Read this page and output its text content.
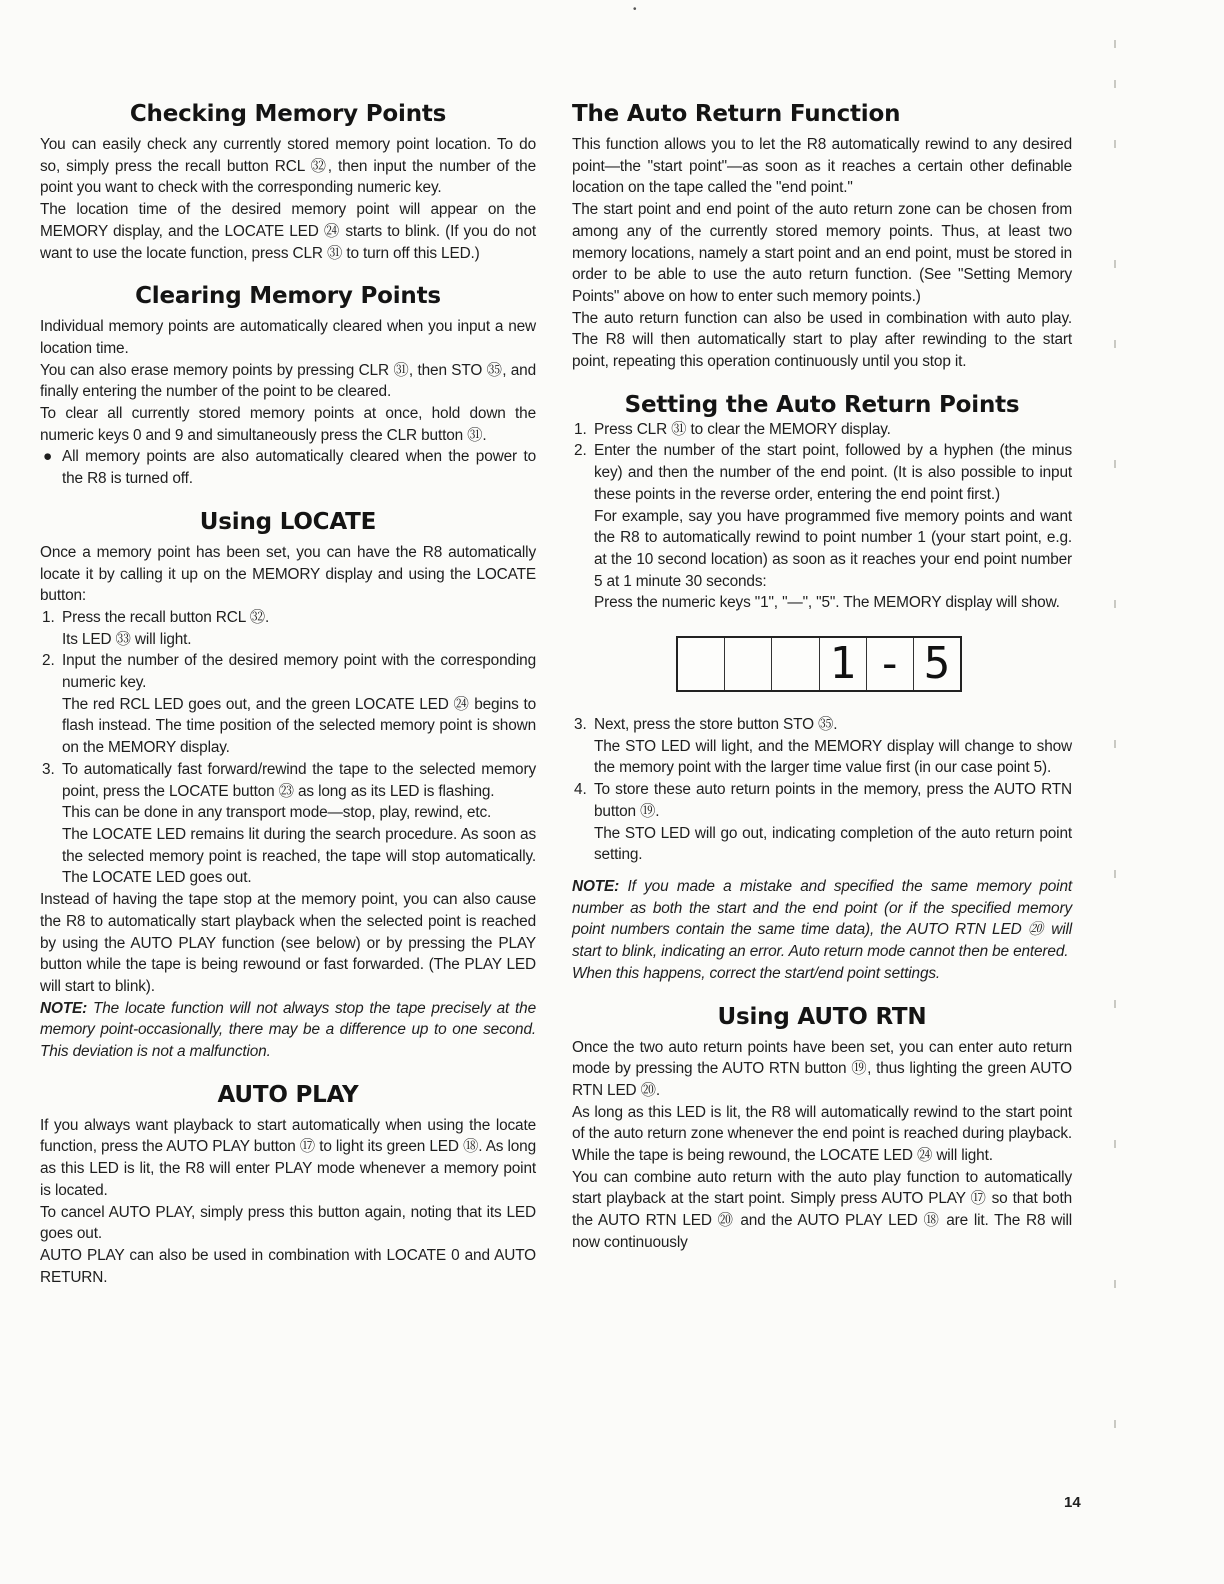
•
Checking Memory Points

You can easily check any currently stored memory point location. To do so, simply press the recall button RCL ㉜, then input the number of the point you want to check with the corresponding numeric key.

The location time of the desired memory point will appear on the MEMORY display, and the LOCATE LED ㉔ starts to blink. (If you do not want to use the locate function, press CLR ㉛ to turn off this LED.)

Clearing Memory Points

Individual memory points are automatically cleared when you input a new location time.

You can also erase memory points by pressing CLR ㉛, then STO ㉟, and finally entering the number of the point to be cleared.

To clear all currently stored memory points at once, hold down the numeric keys 0 and 9 and simultaneously press the CLR button ㉛.

● All memory points are also automatically cleared when the power to the R8 is turned off.

Using LOCATE

Once a memory point has been set, you can have the R8 automatically locate it by calling it up on the MEMORY display and using the LOCATE button:

1. Press the recall button RCL ㉜.

Its LED ㉝ will light.

2. Input the number of the desired memory point with the corresponding numeric key.

The red RCL LED goes out, and the green LOCATE LED ㉔ begins to flash instead. The time position of the selected memory point is shown on the MEMORY display.

3. To automatically fast forward/rewind the tape to the selected memory point, press the LOCATE button ㉓ as long as its LED is flashing.

This can be done in any transport mode—stop, play, rewind, etc.

The LOCATE LED remains lit during the search procedure. As soon as the selected memory point is reached, the tape will stop automatically. The LOCATE LED goes out.

Instead of having the tape stop at the memory point, you can also cause the R8 to automatically start playback when the selected point is reached by using the AUTO PLAY function (see below) or by pressing the PLAY button while the tape is being rewound or fast forwarded. (The PLAY LED will start to blink).

NOTE: The locate function will not always stop the tape precisely at the memory point-occasionally, there may be a difference up to one second. This deviation is not a malfunction.

AUTO PLAY

If you always want playback to start automatically when using the locate function, press the AUTO PLAY button ⑰ to light its green LED ⑱. As long as this LED is lit, the R8 will enter PLAY mode whenever a memory point is located.

To cancel AUTO PLAY, simply press this button again, noting that its LED goes out.

AUTO PLAY can also be used in combination with LOCATE 0 and AUTO RETURN.

The Auto Return Function

This function allows you to let the R8 automatically rewind to any desired point—the "start point"—as soon as it reaches a certain other definable location on the tape called the "end point."

The start point and end point of the auto return zone can be chosen from among any of the currently stored memory points. Thus, at least two memory locations, namely a start point and an end point, must be stored in order to be able to use the auto return function. (See "Setting Memory Points" above on how to enter such memory points.)

The auto return function can also be used in combination with auto play. The R8 will then automatically start to play after rewinding to the start point, repeating this operation continuously until you stop it.

Setting the Auto Return Points
1. Press CLR ㉛ to clear the MEMORY display.

2. Enter the number of the start point, followed by a hyphen (the minus key) and then the number of the end point. (It is also possible to input these points in the reverse order, entering the end point first.)

For example, say you have programmed five memory points and want the R8 to automatically rewind to point number 1 (your start point, e.g. at the 10 second location) as soon as it reaches your end point number 5 at 1 minute 30 seconds:

Press the numeric keys "1", "—", "5". The MEMORY display will show.

1 - 5
3. Next, press the store button STO ㉟.

The STO LED will light, and the MEMORY display will change to show the memory point with the larger time value first (in our case point 5).

4. To store these auto return points in the memory, press the AUTO RTN button ⑲.

The STO LED will go out, indicating completion of the auto return point setting.

NOTE: If you made a mistake and specified the same memory point number as both the start and the end point (or if the specified memory point numbers contain the same time data), the AUTO RTN LED ⑳ will start to blink, indicating an error. Auto return mode cannot then be entered.

When this happens, correct the start/end point settings.

Using AUTO RTN

Once the two auto return points have been set, you can enter auto return mode by pressing the AUTO RTN button ⑲, thus lighting the green AUTO RTN LED ⑳.

As long as this LED is lit, the R8 will automatically rewind to the start point of the auto return zone whenever the end point is reached during playback. While the tape is being rewound, the LOCATE LED ㉔ will light.

You can combine auto return with the auto play function to automatically start playback at the start point. Simply press AUTO PLAY ⑰ so that both the AUTO RTN LED ⑳ and the AUTO PLAY LED ⑱ are lit. The R8 will now continuously

14
